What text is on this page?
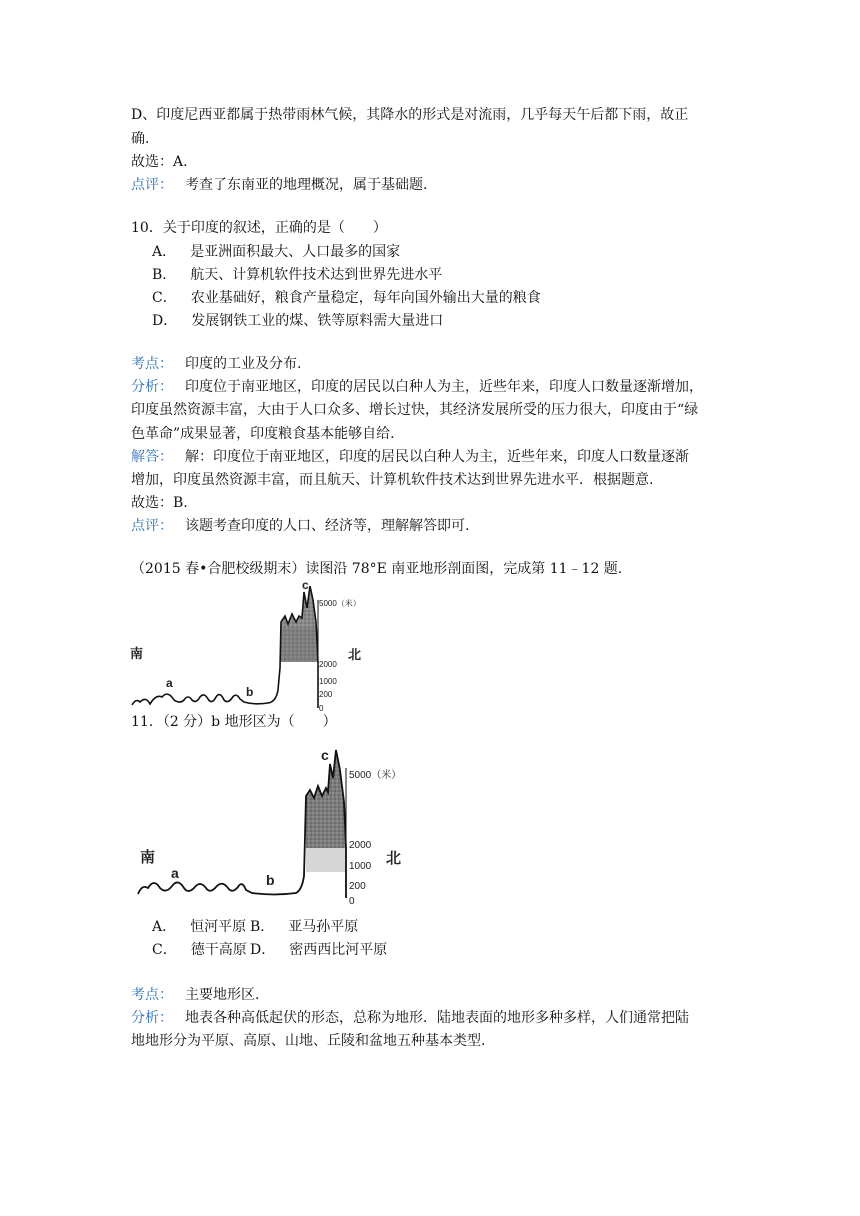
D、印度尼西亚都属于热带雨林气候，其降水的形式是对流雨，几乎每天午后都下雨，故正
确.
故选：A.
点评： 考查了东南亚的地理概况，属于基础题.
10．关于印度的叙述，正确的是（　　）
A． 是亚洲面积最大、人口最多的国家
B． 航天、计算机软件技术达到世界先进水平
C． 农业基础好，粮食产量稳定，每年向国外输出大量的粮食
D． 发展钢铁工业的煤、铁等原料需大量进口
考点： 印度的工业及分布.
分析： 印度位于南亚地区，印度的居民以白种人为主，近些年来，印度人口数量逐渐增加，
印度虽然资源丰富，大由于人口众多、增长过快，其经济发展所受的压力很大，印度由于“绿
色革命”成果显著，印度粮食基本能够自给.
解答： 解：印度位于南亚地区，印度的居民以白种人为主，近些年来，印度人口数量逐渐
增加，印度虽然资源丰富，而且航天、计算机软件技术达到世界先进水平．根据题意.
故选：B.
点评： 该题考查印度的人口、经济等，理解解答即可.
（2015 春•合肥校级期末）读图沿 78°E 南亚地形剖面图，完成第 11﹣12 题.
南	北
a
b
c
5000（米）
2000
1000
200
0
11．（2 分）b 地形区为（　　）
南	北
a	b
c
5000（米）
2000
1000
200
0
A． 恒河平原 B． 亚马孙平原
C． 德干高原 D． 密西西比河平原
考点： 主要地形区.
分析： 地表各种高低起伏的形态，总称为地形．陆地表面的地形多种多样，人们通常把陆
地地形分为平原、高原、山地、丘陵和盆地五种基本类型.
